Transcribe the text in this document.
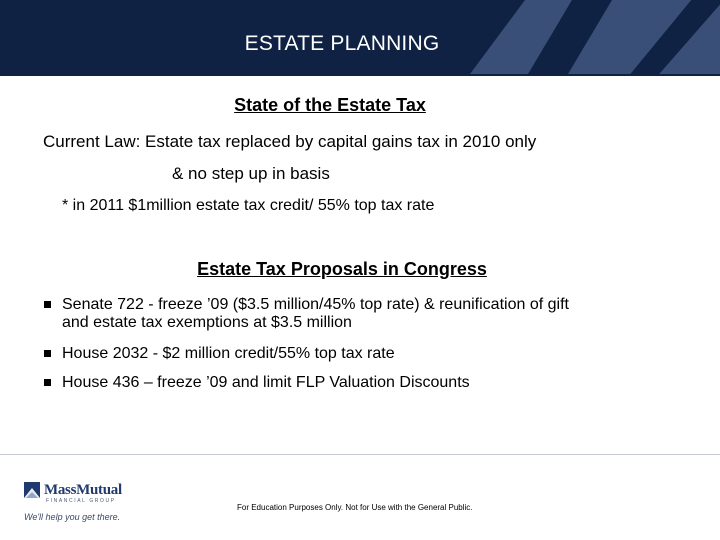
ESTATE PLANNING
State of the Estate Tax
Current Law: Estate tax replaced by capital gains tax in 2010 only
& no step up in basis
* in 2011 $1million estate tax credit/ 55% top tax rate
Estate Tax Proposals in Congress
Senate 722 - freeze ’09 ($3.5 million/45% top rate) & reunification of gift
and estate tax exemptions at $3.5 million
House 2032 - $2 million credit/55% top tax rate
House 436 – freeze ’09 and limit FLP Valuation Discounts
MassMutual
FINANCIAL GROUP
We'll help you get there.
For Education Purposes Only. Not for Use with the General Public.
